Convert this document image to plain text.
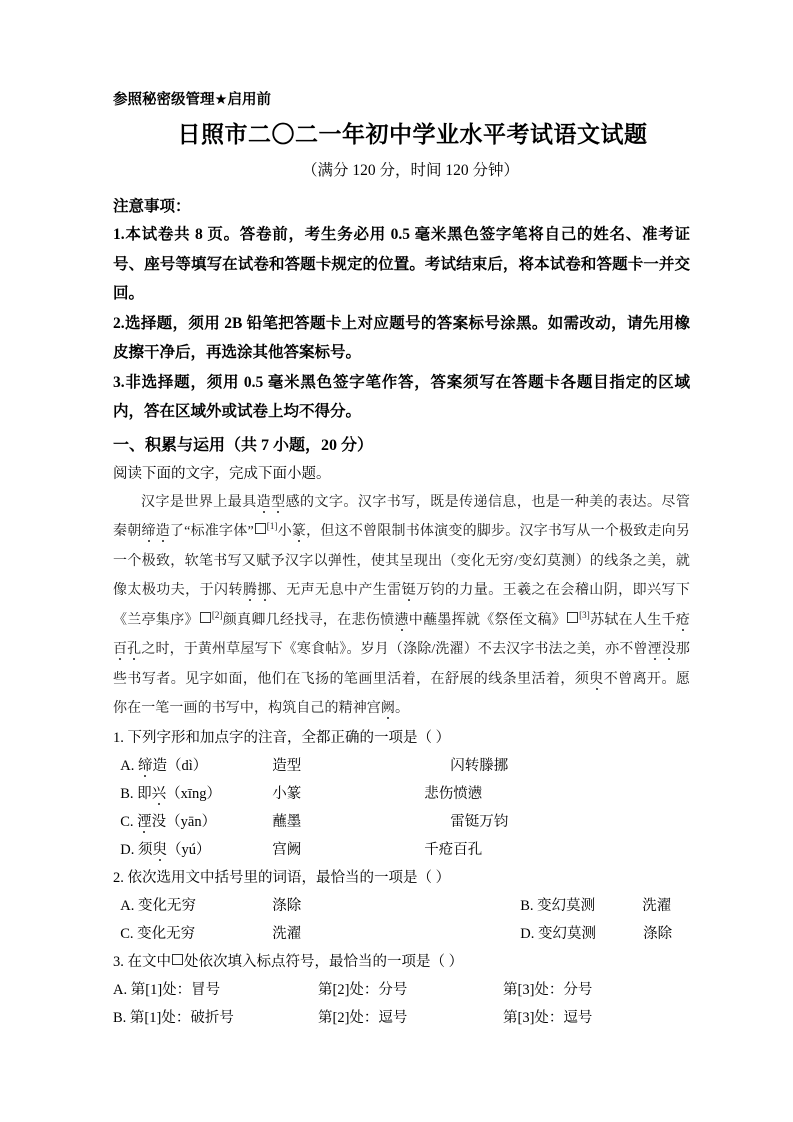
参照秘密级管理★启用前
日照市二〇二一年初中学业水平考试语文试题
（满分 120 分，时间 120 分钟）
注意事项：
1.本试卷共 8 页。答卷前，考生务必用 0.5 毫米黑色签字笔将自己的姓名、准考证号、座号等填写在试卷和答题卡规定的位置。考试结束后，将本试卷和答题卡一并交回。
2.选择题，须用 2B 铅笔把答题卡上对应题号的答案标号涂黑。如需改动，请先用橡皮擦干净后，再选涂其他答案标号。
3.非选择题，须用 0.5 毫米黑色签字笔作答，答案须写在答题卡各题目指定的区域内，答在区域外或试卷上均不得分。
一、积累与运用（共 7 小题，20 分）
阅读下面的文字，完成下面小题。
汉字是世界上最具造型感的文字。汉字书写，既是传递信息，也是一种美的表达。尽管秦朝缔造了“标准字体” [1]小篆，但这不曾限制书体演变的脚步。汉字书写从一个极致走向另一个极致，软笔书写又赋予汉字以弹性，使其呈现出（变化无穷/变幻莫测）的线条之美，就像太极功夫，于闪转腾挪、无声无息中产生雷铤万钧的力量。王羲之在会稽山阴，即兴写下《兰亭集序》 [2]颜真卿几经找寻，在悲伤愤懑中蘸墨挥就《祭侄文稿》 [3]苏轼在人生千疮百孔之时，于黄州草屋写下《寒食帖》。岁月（涤除/洗濯）不去汉字书法之美，亦不曾湮没那些书写者。见字如面，他们在飞扬的笔画里活着，在舒展的线条里活着，须臾不曾离开。愿你在一笔一画的书写中，构筑自己的精神宫阙。
1. 下列字形和加点字的注音，全都正确的一项是（ ）
A. 缔造（dì）	造型	闪转滕挪
B. 即兴（xīng）	小篆	悲伤愤懑
C. 湮没（yān）	蘸墨	雷铤万钧
D. 须臾（yú）	宫阙	千疮百孔
2. 依次选用文中括号里的词语，最恰当的一项是（ ）
A. 变化无穷	涤除	B. 变幻莫测	洗濯
C. 变化无穷	洗濯	D. 变幻莫测	涤除
3. 在文中 处依次填入标点符号，最恰当的一项是（ ）
A. 第[1]处：冒号	第[2]处：分号	第[3]处：分号
B. 第[1]处：破折号	第[2]处：逗号	第[3]处：逗号
